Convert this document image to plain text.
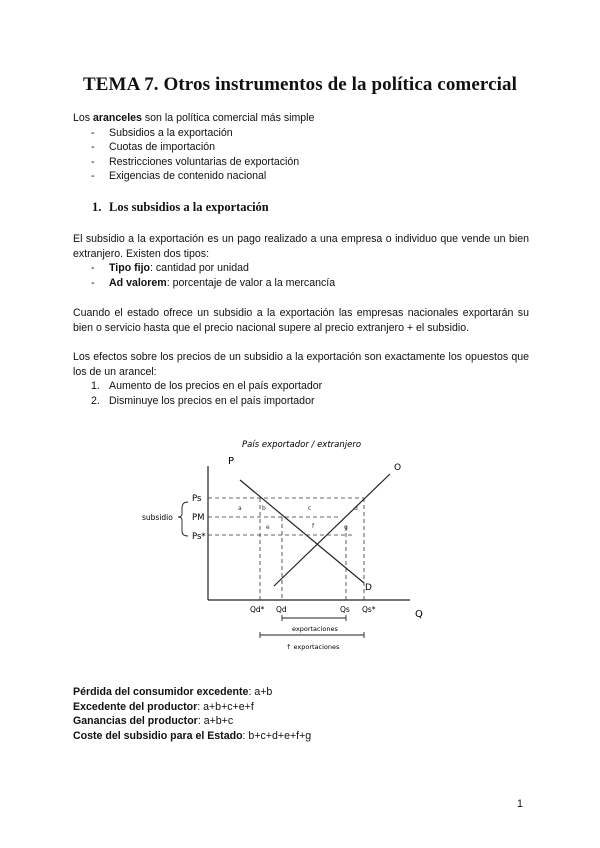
TEMA 7. Otros instrumentos de la política comercial
Los aranceles son la política comercial más simple
- Subsidios a la exportación
- Cuotas de importación
- Restricciones voluntarias de exportación
- Exigencias de contenido nacional
1. Los subsidios a la exportación
El subsidio a la exportación es un pago realizado a una empresa o individuo que vende un bien extranjero. Existen dos tipos:
- Tipo fijo: cantidad por unidad
- Ad valorem: porcentaje de valor a la mercancía
Cuando el estado ofrece un subsidio a la exportación las empresas nacionales exportarán su bien o servicio hasta que el precio nacional supere al precio extranjero + el subsidio.
Los efectos sobre los precios de un subsidio a la exportación son exactamente los opuestos que los de un arancel:
1. Aumento de los precios en el país exportador
2. Disminuye los precios en el país importador
País exportador / extranjero
P
Q
O
D
subsidio
Ps
PM
Ps*
Qd* Qd	Qs Qs*
a	b	c	d
e	f	g
exportaciones
↑ exportaciones
Pérdida del consumidor excedente: a+b
Excedente del productor: a+b+c+e+f
Ganancias del productor: a+b+c
Coste del subsidio para el Estado: b+c+d+e+f+g
1
